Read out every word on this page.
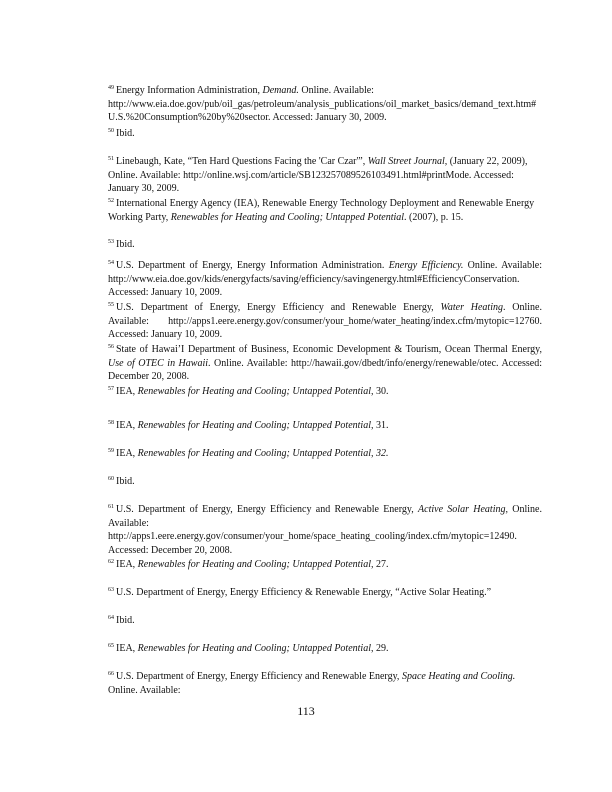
$^{49}$ Energy Information Administration, Demand. Online. Available:
http://www.eia.doe.gov/pub/oil_gas/petroleum/analysis_publications/oil_market_basics/demand_text.htm#
U.S.%20Consumption%20by%20sector. Accessed: January 30, 2009.
$^{50}$ Ibid.
$^{51}$ Linebaugh, Kate, “Ten Hard Questions Facing the 'Car Czar'”, Wall Street Journal, (January 22, 2009),
Online. Available: http://online.wsj.com/article/SB123257089526103491.html#printMode. Accessed:
January 30, 2009.
$^{52}$ International Energy Agency (IEA), Renewable Energy Technology Deployment and Renewable Energy
Working Party, Renewables for Heating and Cooling; Untapped Potential. (2007), p. 15.
$^{53}$ Ibid.
$^{54}$ U.S. Department of Energy, Energy Information Administration. Energy Efficiency. Online. Available:
http://www.eia.doe.gov/kids/energyfacts/saving/efficiency/savingenergy.html#EfficiencyConservation.
Accessed: January 10, 2009.
$^{55}$ U.S. Department of Energy, Energy Efficiency and Renewable Energy, Water Heating. Online.
Available: http://apps1.eere.energy.gov/consumer/your_home/water_heating/index.cfm/mytopic=12760.
Accessed: January 10, 2009.
$^{56}$ State of Hawai’I Department of Business, Economic Development & Tourism, Ocean Thermal Energy,
Use of OTEC in Hawaii. Online. Available: http://hawaii.gov/dbedt/info/energy/renewable/otec. Accessed:
December 20, 2008.
$^{57}$ IEA, Renewables for Heating and Cooling; Untapped Potential, 30.
$^{58}$ IEA, Renewables for Heating and Cooling; Untapped Potential, 31.
$^{59}$ IEA, Renewables for Heating and Cooling; Untapped Potential, 32.
$^{60}$ Ibid.
$^{61}$ U.S. Department of Energy, Energy Efficiency and Renewable Energy, Active Solar Heating, Online.
Available:
http://apps1.eere.energy.gov/consumer/your_home/space_heating_cooling/index.cfm/mytopic=12490.
Accessed: December 20, 2008.
$^{62}$ IEA, Renewables for Heating and Cooling; Untapped Potential, 27.
$^{63}$ U.S. Department of Energy, Energy Efficiency & Renewable Energy, “Active Solar Heating.”
$^{64}$ Ibid.
$^{65}$ IEA, Renewables for Heating and Cooling; Untapped Potential, 29.
$^{66}$ U.S. Department of Energy, Energy Efficiency and Renewable Energy, Space Heating and Cooling.
Online. Available:
113
